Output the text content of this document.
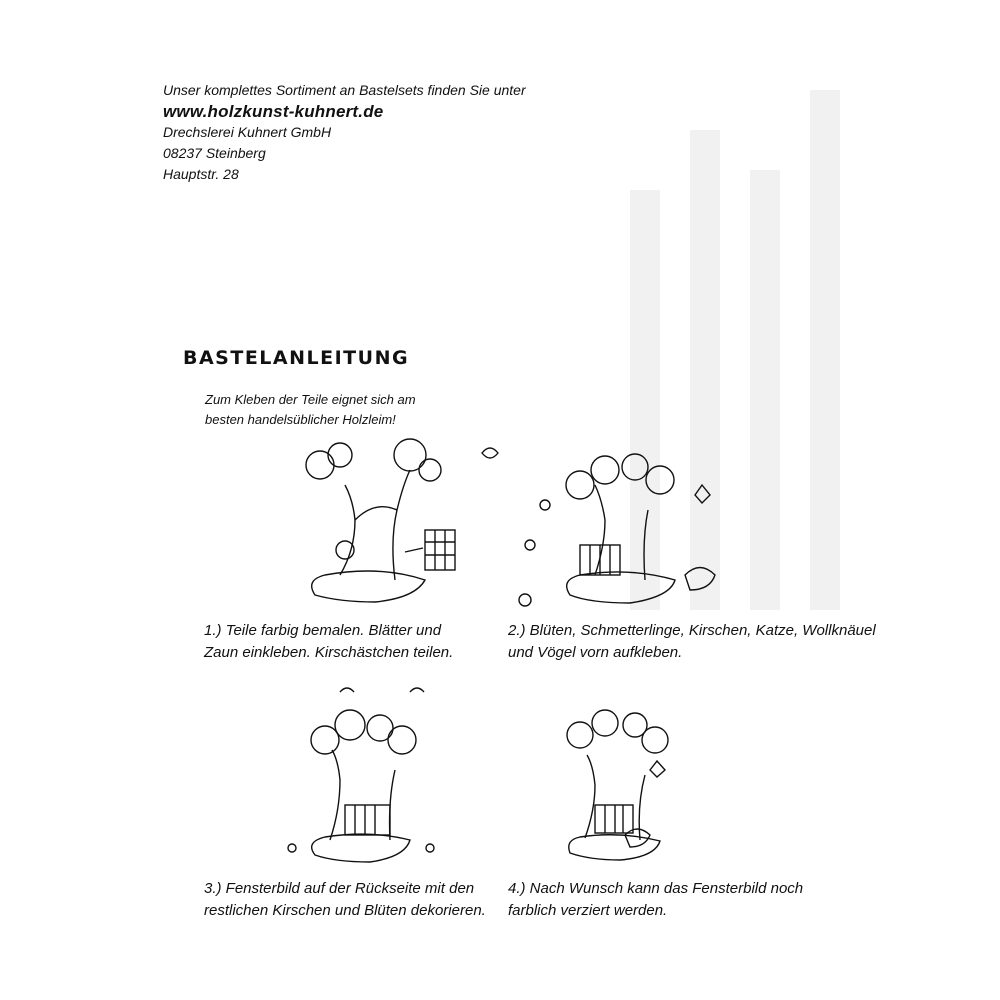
Unser komplettes Sortiment an Bastelsets finden Sie unter
www.holzkunst-kuhnert.de
Drechslerei Kuhnert GmbH
08237 Steinberg
Hauptstr. 28
BASTELANLEITUNG
Zum Kleben der Teile eignet sich am
besten handelsüblicher Holzleim!
1.) Teile farbig bemalen. Blätter und
Zaun einkleben. Kirschästchen teilen.
2.) Blüten, Schmetterlinge, Kirschen, Katze, Wollknäuel
und Vögel vorn aufkleben.
3.) Fensterbild auf der Rückseite mit den
restlichen Kirschen und Blüten dekorieren.
4.) Nach Wunsch kann das Fensterbild noch
farblich verziert werden.
